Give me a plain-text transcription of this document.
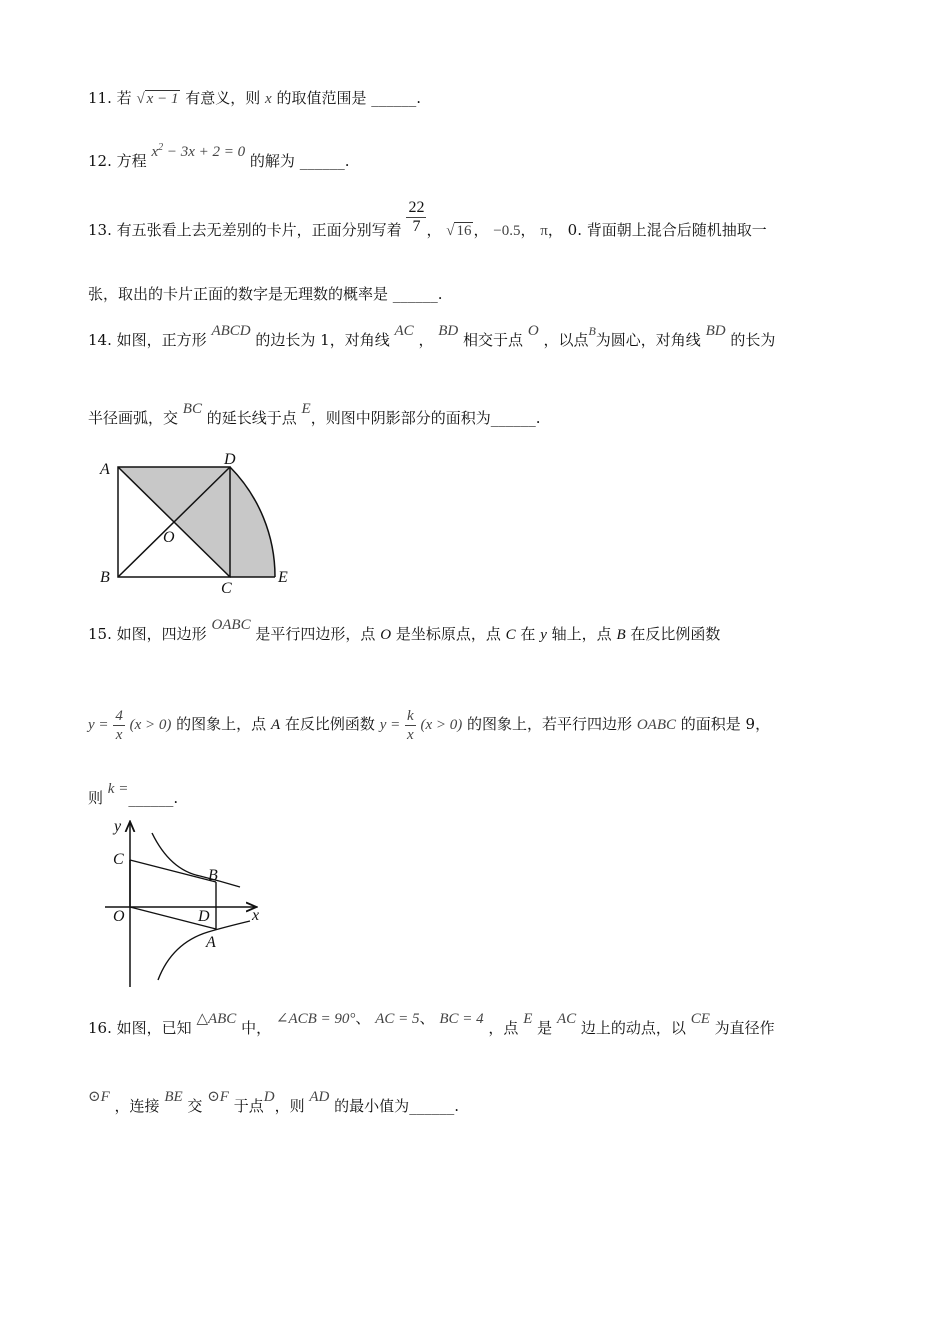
11. 若 √ x − 1 有意义，则 x 的取值范围是 ______.
12. 方程 $x^2 - 3x + 2 = 0$ 的解为 ______.
13. 有五张看上去无差别的卡片，正面分别写着 $\frac{22}{7}$ ， √ 16 ， −0.5， π， 0. 背面朝上混合后随机抽取一
张，取出的卡片正面的数字是无理数的概率是 ______.
14. 如图，正方形 ABCD 的边长为 1，对角线 AC ， BD 相交于点 O ，以点$^B$为圆心，对角线 BD 的长为
半径画弧，交 BC 的延长线于点 E，则图中阴影部分的面积为______.
A
D
O
B
C
E
15. 如图，四边形 OABC 是平行四边形，点 O 是坐标原点，点 C 在 y 轴上，点 B 在反比例函数
$y = \frac{4}{x} (x > 0)$ 的图象上，点 A 在反比例函数 $y = \frac{k}{x} (x > 0)$ 的图象上，若平行四边形 OABC 的面积是 9，
则 k =______.
y
x
O
C
B
D
A
16. 如图，已知 △ABC 中， ∠ACB = 90°、 AC = 5、 BC = 4 ，点 E 是 AC 边上的动点，以 CE 为直径作
⊙F ，连接 BE 交 ⊙F 于点D，则 AD 的最小值为______.
